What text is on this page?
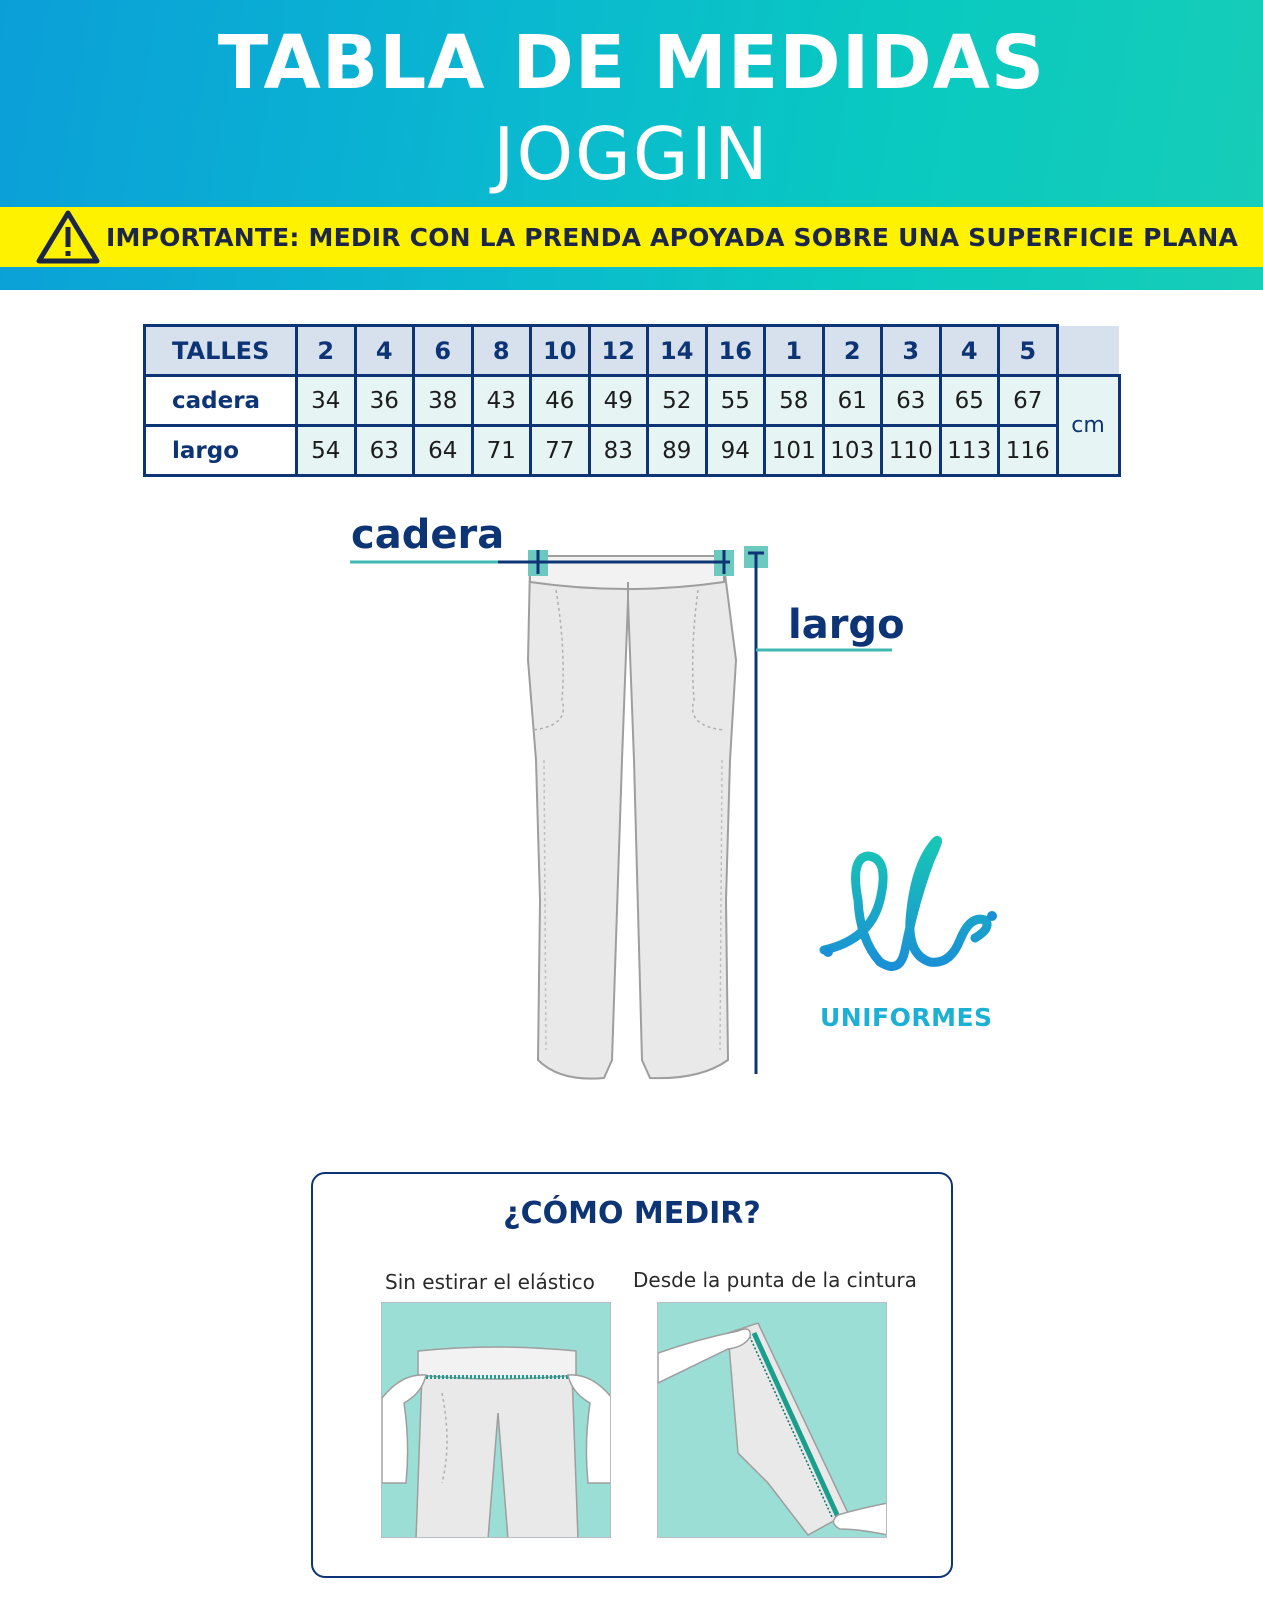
TABLA DE MEDIDAS
JOGGIN
IMPORTANTE: MEDIR CON LA PRENDA APOYADA SOBRE UNA SUPERFICIE PLANA
TALLES	2	4	6	8	10	12	14	16	1	2	3	4	5	
cadera	34	36	38	43	46	49	52	55	58	61	63	65	67	cm
largo	54	63	64	71	77	83	89	94	101	103	110	113	116	
cadera
largo
UNIFORMES
¿CÓMO MEDIR?
Sin estirar el elástico Desde la punta de la cintura
